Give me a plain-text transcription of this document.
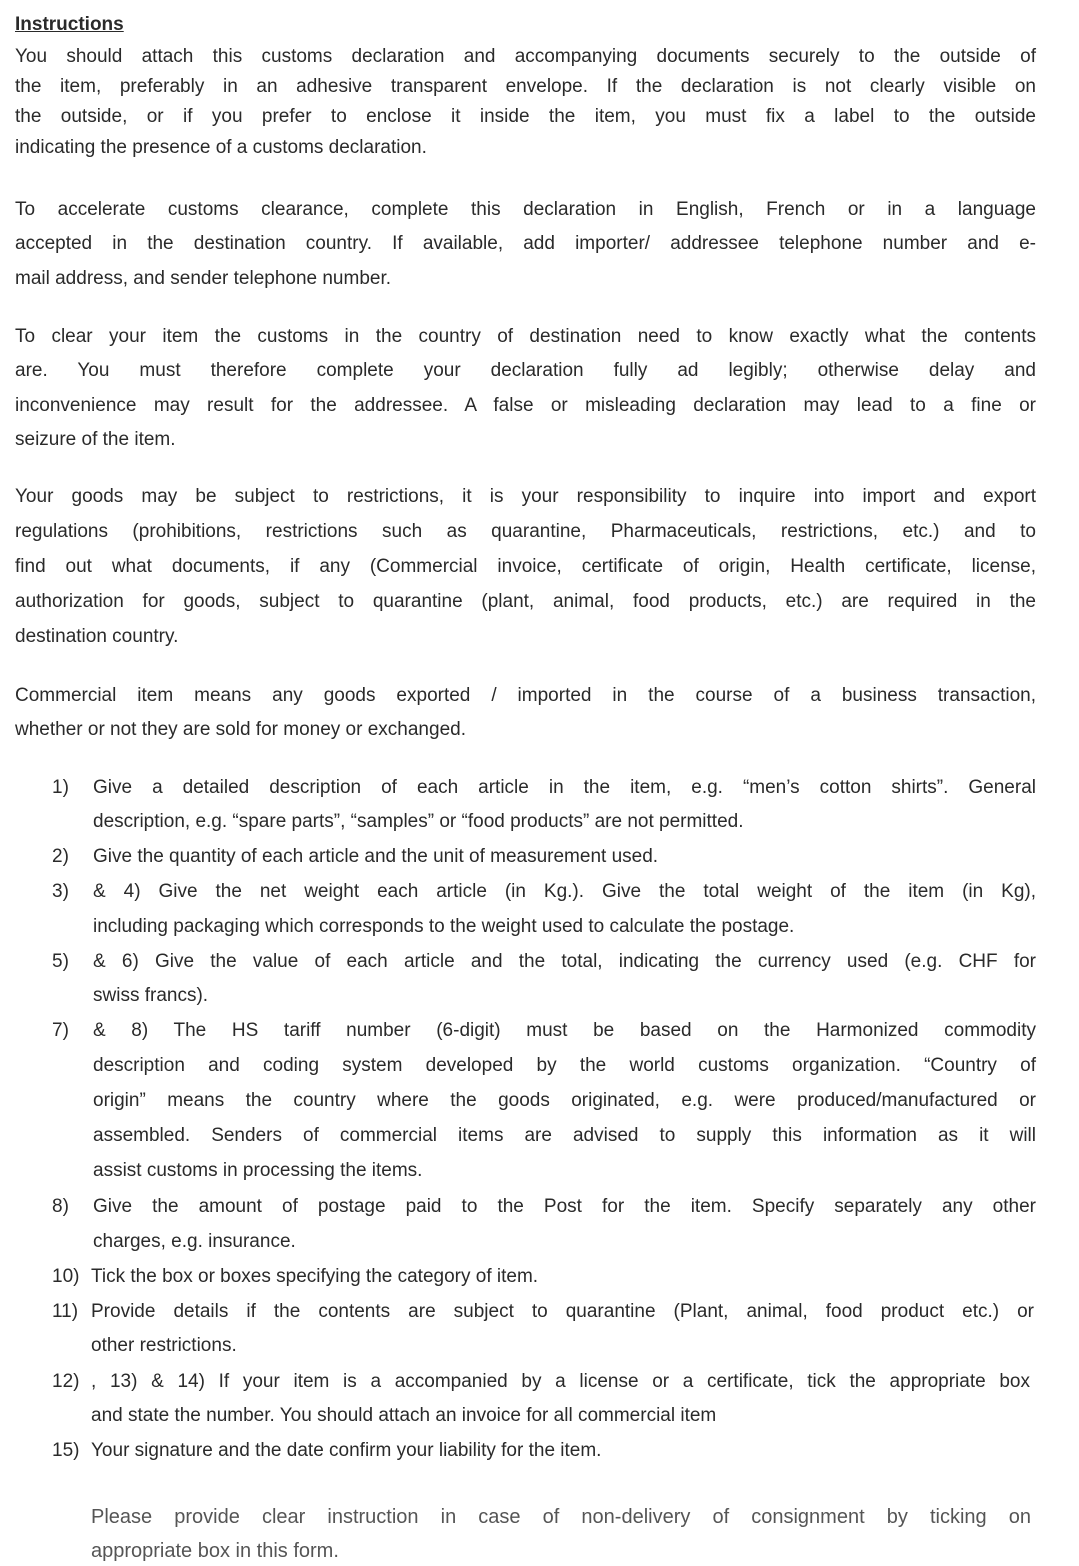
Instructions
You should attach this customs declaration and accompanying documents securely to the outside of
the item, preferably in an adhesive transparent envelope. If the declaration is not clearly visible on
the outside, or if you prefer to enclose it inside the item, you must fix a label to the outside
indicating the presence of a customs declaration.
To accelerate customs clearance, complete this declaration in English, French or in a language
accepted in the destination country. If available, add importer/ addressee telephone number and e-
mail address, and sender telephone number.
To clear your item the customs in the country of destination need to know exactly what the contents
are. You must therefore complete your declaration fully ad legibly; otherwise delay and
inconvenience may result for the addressee. A false or misleading declaration may lead to a fine or
seizure of the item.
Your goods may be subject to restrictions, it is your responsibility to inquire into import and export
regulations (prohibitions, restrictions such as quarantine, Pharmaceuticals, restrictions, etc.) and to
find out what documents, if any (Commercial invoice, certificate of origin, Health certificate, license,
authorization for goods, subject to quarantine (plant, animal, food products, etc.) are required in the
destination country.
Commercial item means any goods exported / imported in the course of a business transaction,
whether or not they are sold for money or exchanged.
1) Give a detailed description of each article in the item, e.g. “men’s cotton shirts”. General
description, e.g. “spare parts”, “samples” or “food products” are not permitted.
2) Give the quantity of each article and the unit of measurement used.
3) & 4) Give the net weight each article (in Kg.). Give the total weight of the item (in Kg),
including packaging which corresponds to the weight used to calculate the postage.
5) & 6) Give the value of each article and the total, indicating the currency used (e.g. CHF for
swiss francs).
7) & 8) The HS tariff number (6-digit) must be based on the Harmonized commodity
description and coding system developed by the world customs organization. “Country of
origin” means the country where the goods originated, e.g. were produced/manufactured or
assembled. Senders of commercial items are advised to supply this information as it will
assist customs in processing the items.
8) Give the amount of postage paid to the Post for the item. Specify separately any other
charges, e.g. insurance.
10) Tick the box or boxes specifying the category of item.
11) Provide details if the contents are subject to quarantine (Plant, animal, food product etc.) or
other restrictions.
12) , 13) & 14) If your item is a accompanied by a license or a certificate, tick the appropriate box
and state the number. You should attach an invoice for all commercial item
15) Your signature and the date confirm your liability for the item.
Please provide clear instruction in case of non-delivery of consignment by ticking on
appropriate box in this form.
